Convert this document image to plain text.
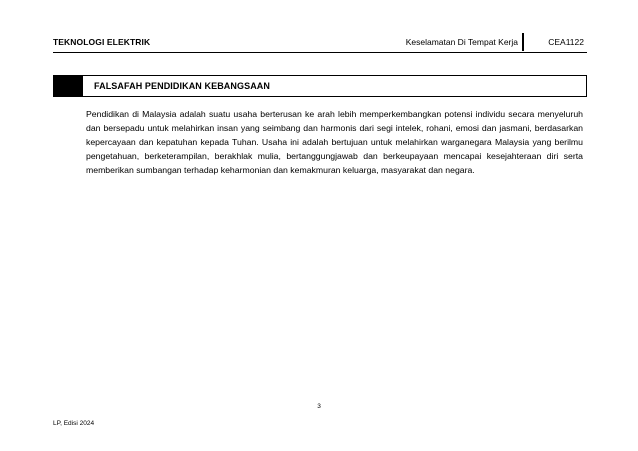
TEKNOLOGI ELEKTRIK	Keselamatan Di Tempat Kerja	CEA1122
FALSAFAH PENDIDIKAN KEBANGSAAN

Pendidikan di Malaysia adalah suatu usaha berterusan ke arah lebih memperkembangkan potensi individu secara menyeluruh dan bersepadu untuk melahirkan insan yang seimbang dan harmonis dari segi intelek, rohani, emosi dan jasmani, berdasarkan kepercayaan dan kepatuhan kepada Tuhan. Usaha ini adalah bertujuan untuk melahirkan warganegara Malaysia yang berilmu pengetahuan, berketerampilan, berakhlak mulia, bertanggungjawab dan berkeupayaan mencapai kesejahteraan diri serta memberikan sumbangan terhadap keharmonian dan kemakmuran keluarga, masyarakat dan negara.

3
LP, Edisi 2024
